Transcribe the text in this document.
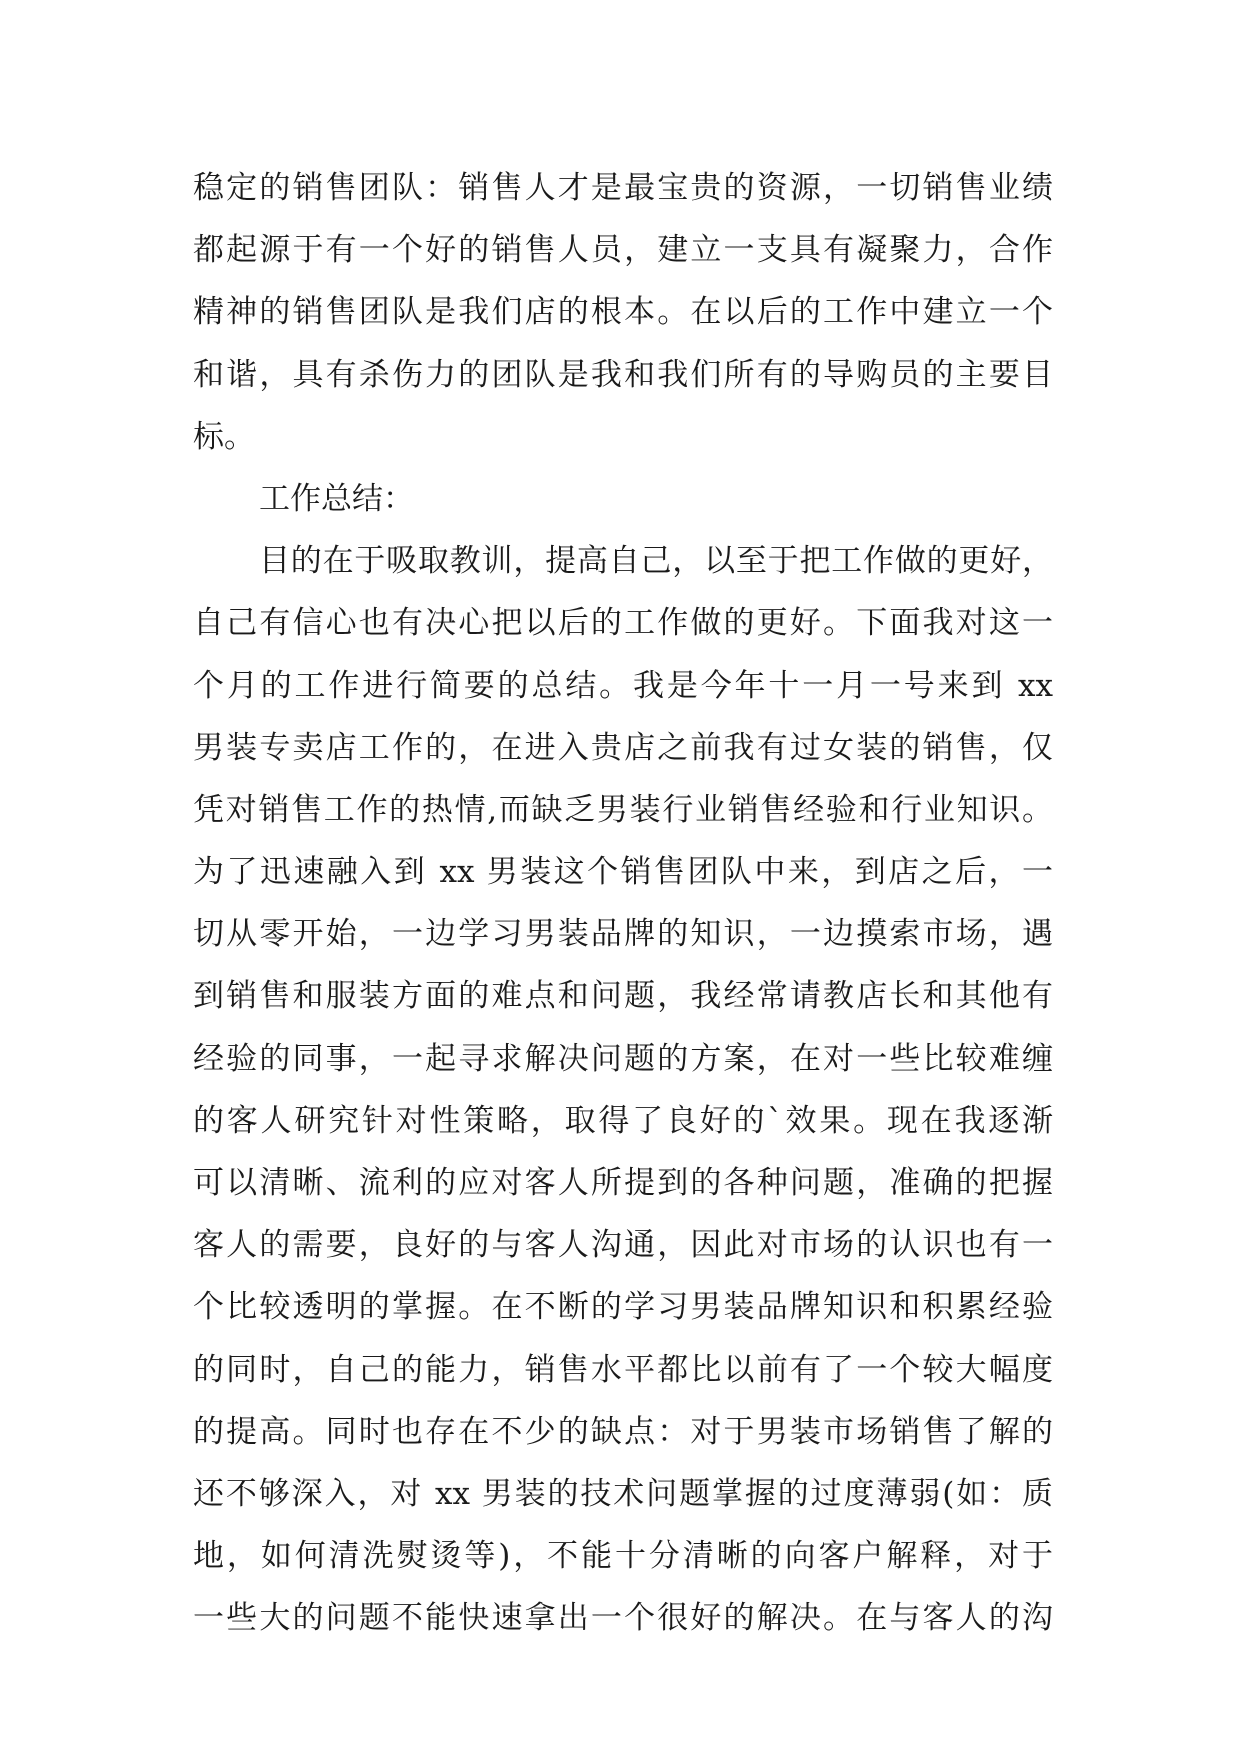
稳定的销售团队：销售人才是最宝贵的资源，一切销售业绩
都起源于有一个好的销售人员，建立一支具有凝聚力，合作
精神的销售团队是我们店的根本。在以后的工作中建立一个
和谐，具有杀伤力的团队是我和我们所有的导购员的主要目
标。
工作总结：
目的在于吸取教训，提高自己，以至于把工作做的更好，
自己有信心也有决心把以后的工作做的更好。下面我对这一
个月的工作进行简要的总结。我是今年十一月一号来到 xx
男装专卖店工作的，在进入贵店之前我有过女装的销售，仅
凭对销售工作的热情,而缺乏男装行业销售经验和行业知识。
为了迅速融入到 xx 男装这个销售团队中来，到店之后，一
切从零开始，一边学习男装品牌的知识，一边摸索市场，遇
到销售和服装方面的难点和问题，我经常请教店长和其他有
经验的同事，一起寻求解决问题的方案，在对一些比较难缠
的客人研究针对性策略，取得了良好的`效果。现在我逐渐
可以清晰、流利的应对客人所提到的各种问题，准确的把握
客人的需要，良好的与客人沟通，因此对市场的认识也有一
个比较透明的掌握。在不断的学习男装品牌知识和积累经验
的同时，自己的能力，销售水平都比以前有了一个较大幅度
的提高。同时也存在不少的缺点：对于男装市场销售了解的
还不够深入，对 xx 男装的技术问题掌握的过度薄弱(如：质
地，如何清洗熨烫等)，不能十分清晰的向客户解释，对于
一些大的问题不能快速拿出一个很好的解决。在与客人的沟
